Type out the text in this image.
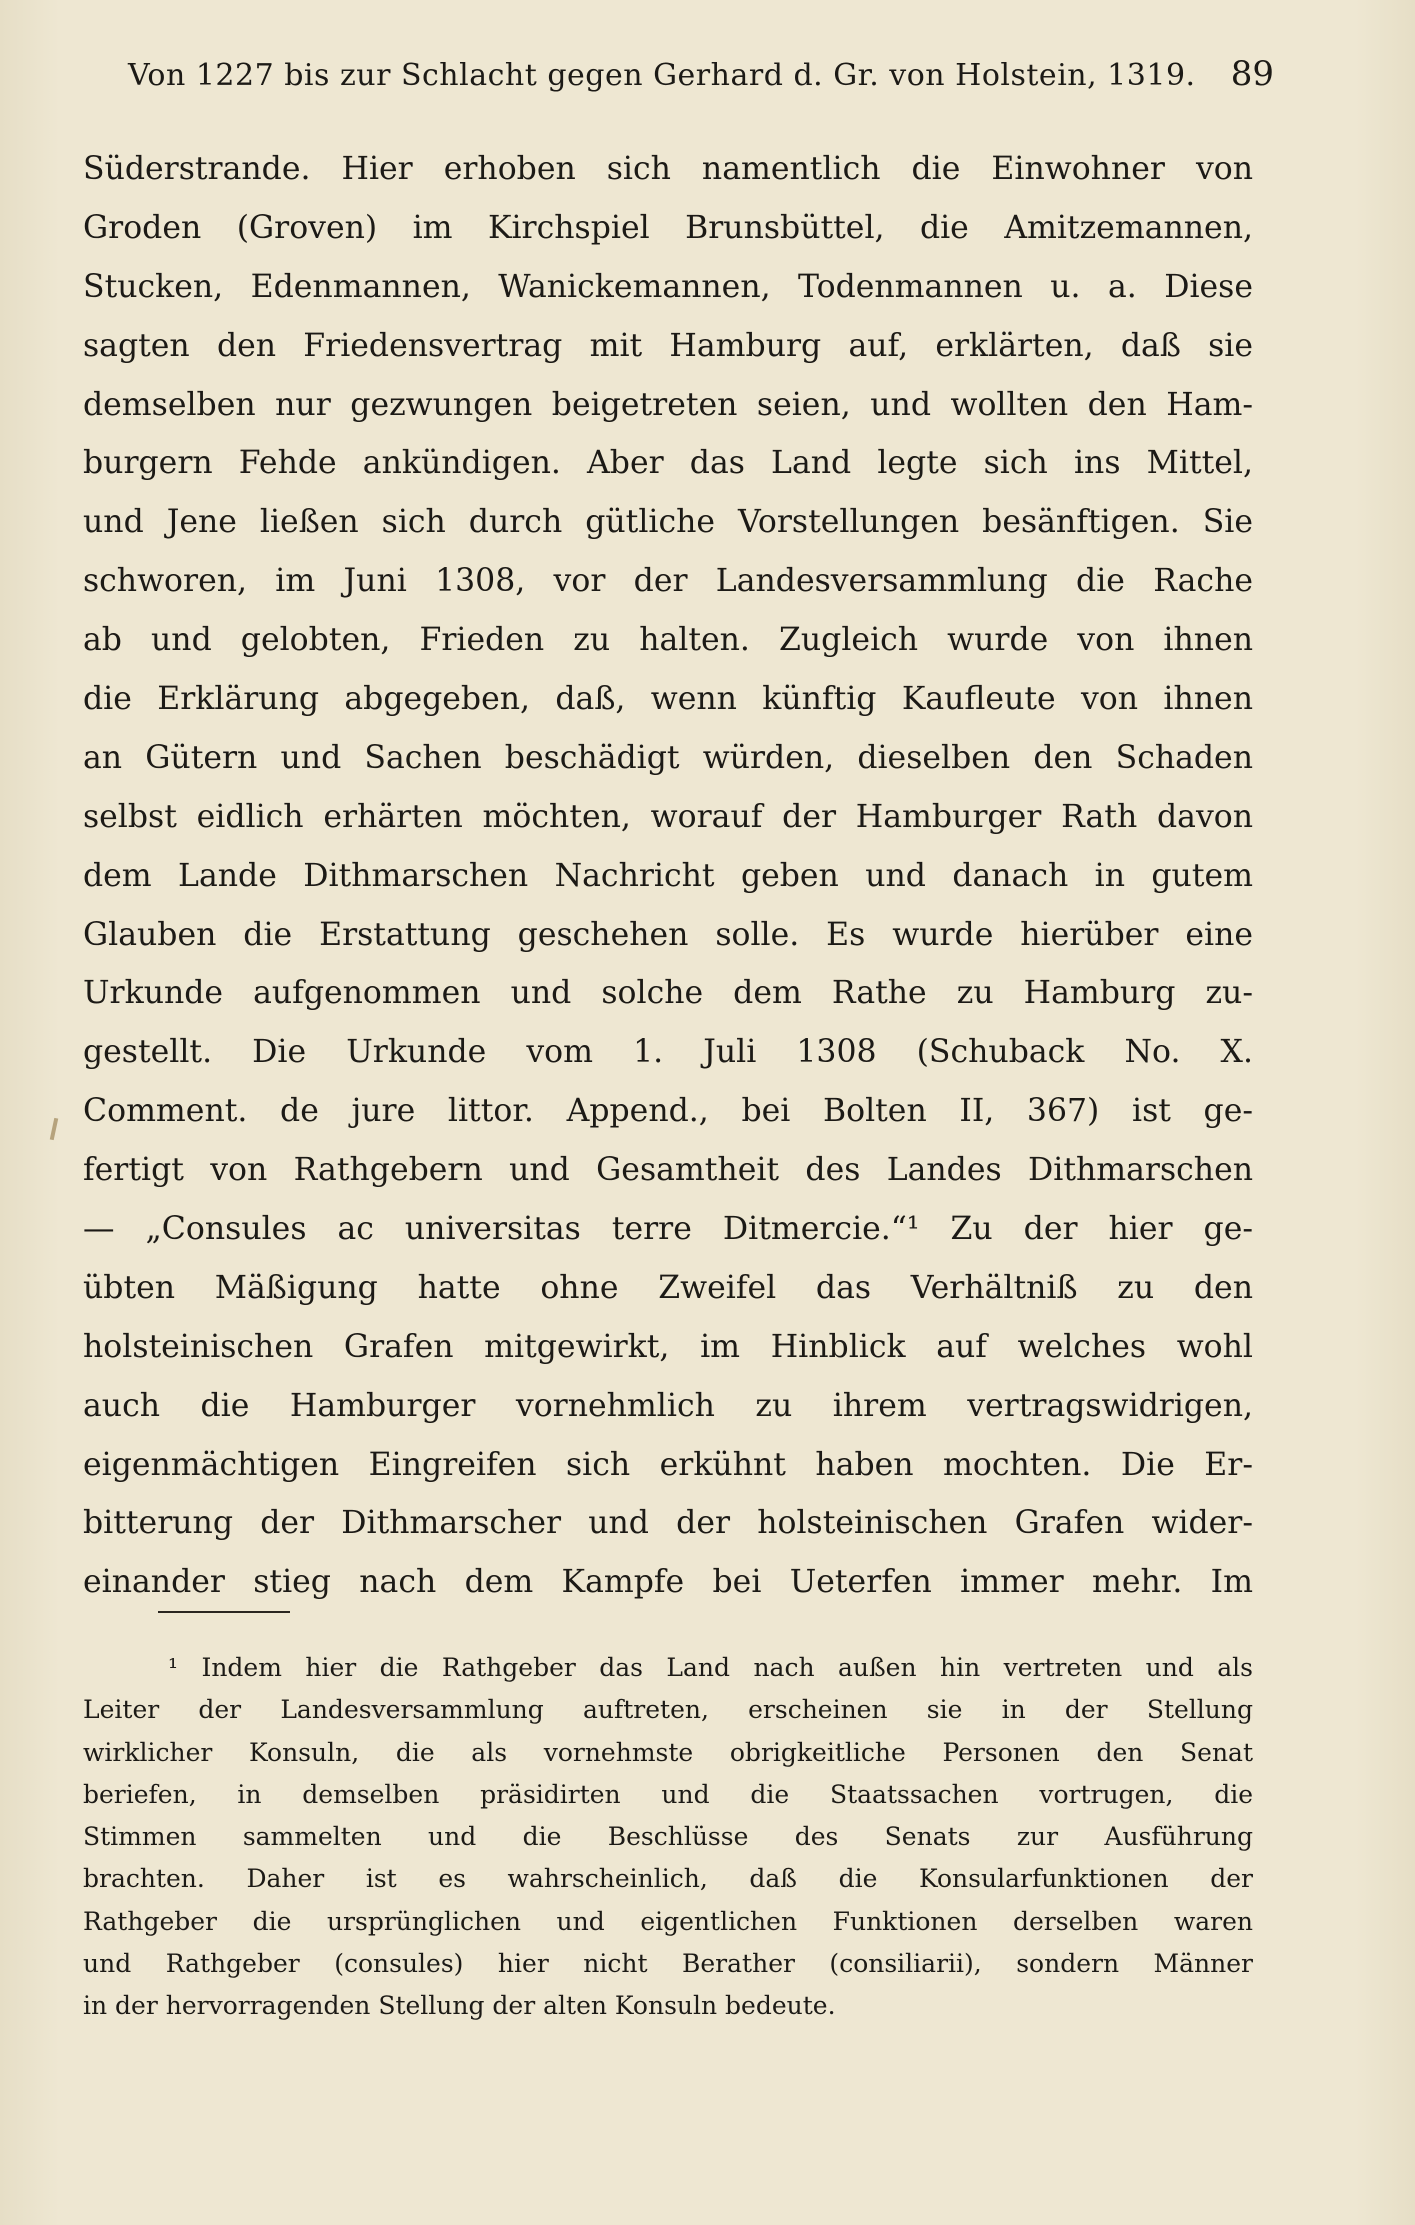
Von 1227 bis zur Schlacht gegen Gerhard d. Gr. von Holstein, 1319. 89
Süderstrande. Hier erhoben sich namentlich die Einwohner von
Groden (Groven) im Kirchspiel Brunsbüttel, die Amitzemannen,
Stucken, Edenmannen, Wanickemannen, Todenmannen u. a. Diese
sagten den Friedensvertrag mit Hamburg auf, erklärten, daß sie
demselben nur gezwungen beigetreten seien, und wollten den Ham-
burgern Fehde ankündigen. Aber das Land legte sich ins Mittel,
und Jene ließen sich durch gütliche Vorstellungen besänftigen. Sie
schworen, im Juni 1308, vor der Landesversammlung die Rache
ab und gelobten, Frieden zu halten. Zugleich wurde von ihnen
die Erklärung abgegeben, daß, wenn künftig Kaufleute von ihnen
an Gütern und Sachen beschädigt würden, dieselben den Schaden
selbst eidlich erhärten möchten, worauf der Hamburger Rath davon
dem Lande Dithmarschen Nachricht geben und danach in gutem
Glauben die Erstattung geschehen solle. Es wurde hierüber eine
Urkunde aufgenommen und solche dem Rathe zu Hamburg zu-
gestellt. Die Urkunde vom 1. Juli 1308 (Schuback No. X.
Comment. de jure littor. Append., bei Bolten II, 367) ist ge-
fertigt von Rathgebern und Gesamtheit des Landes Dithmarschen
— „Consules ac universitas terre Ditmercie.“¹ Zu der hier ge-
übten Mäßigung hatte ohne Zweifel das Verhältniß zu den
holsteinischen Grafen mitgewirkt, im Hinblick auf welches wohl
auch die Hamburger vornehmlich zu ihrem vertragswidrigen,
eigenmächtigen Eingreifen sich erkühnt haben mochten. Die Er-
bitterung der Dithmarscher und der holsteinischen Grafen wider-
einander stieg nach dem Kampfe bei Ueterfen immer mehr. Im
¹ Indem hier die Rathgeber das Land nach außen hin vertreten und als
Leiter der Landesversammlung auftreten, erscheinen sie in der Stellung
wirklicher Konsuln, die als vornehmste obrigkeitliche Personen den Senat
beriefen, in demselben präsidirten und die Staatssachen vortrugen, die
Stimmen sammelten und die Beschlüsse des Senats zur Ausführung
brachten. Daher ist es wahrscheinlich, daß die Konsularfunktionen der
Rathgeber die ursprünglichen und eigentlichen Funktionen derselben waren
und Rathgeber (consules) hier nicht Berather (consiliarii), sondern Männer
in der hervorragenden Stellung der alten Konsuln bedeute.
